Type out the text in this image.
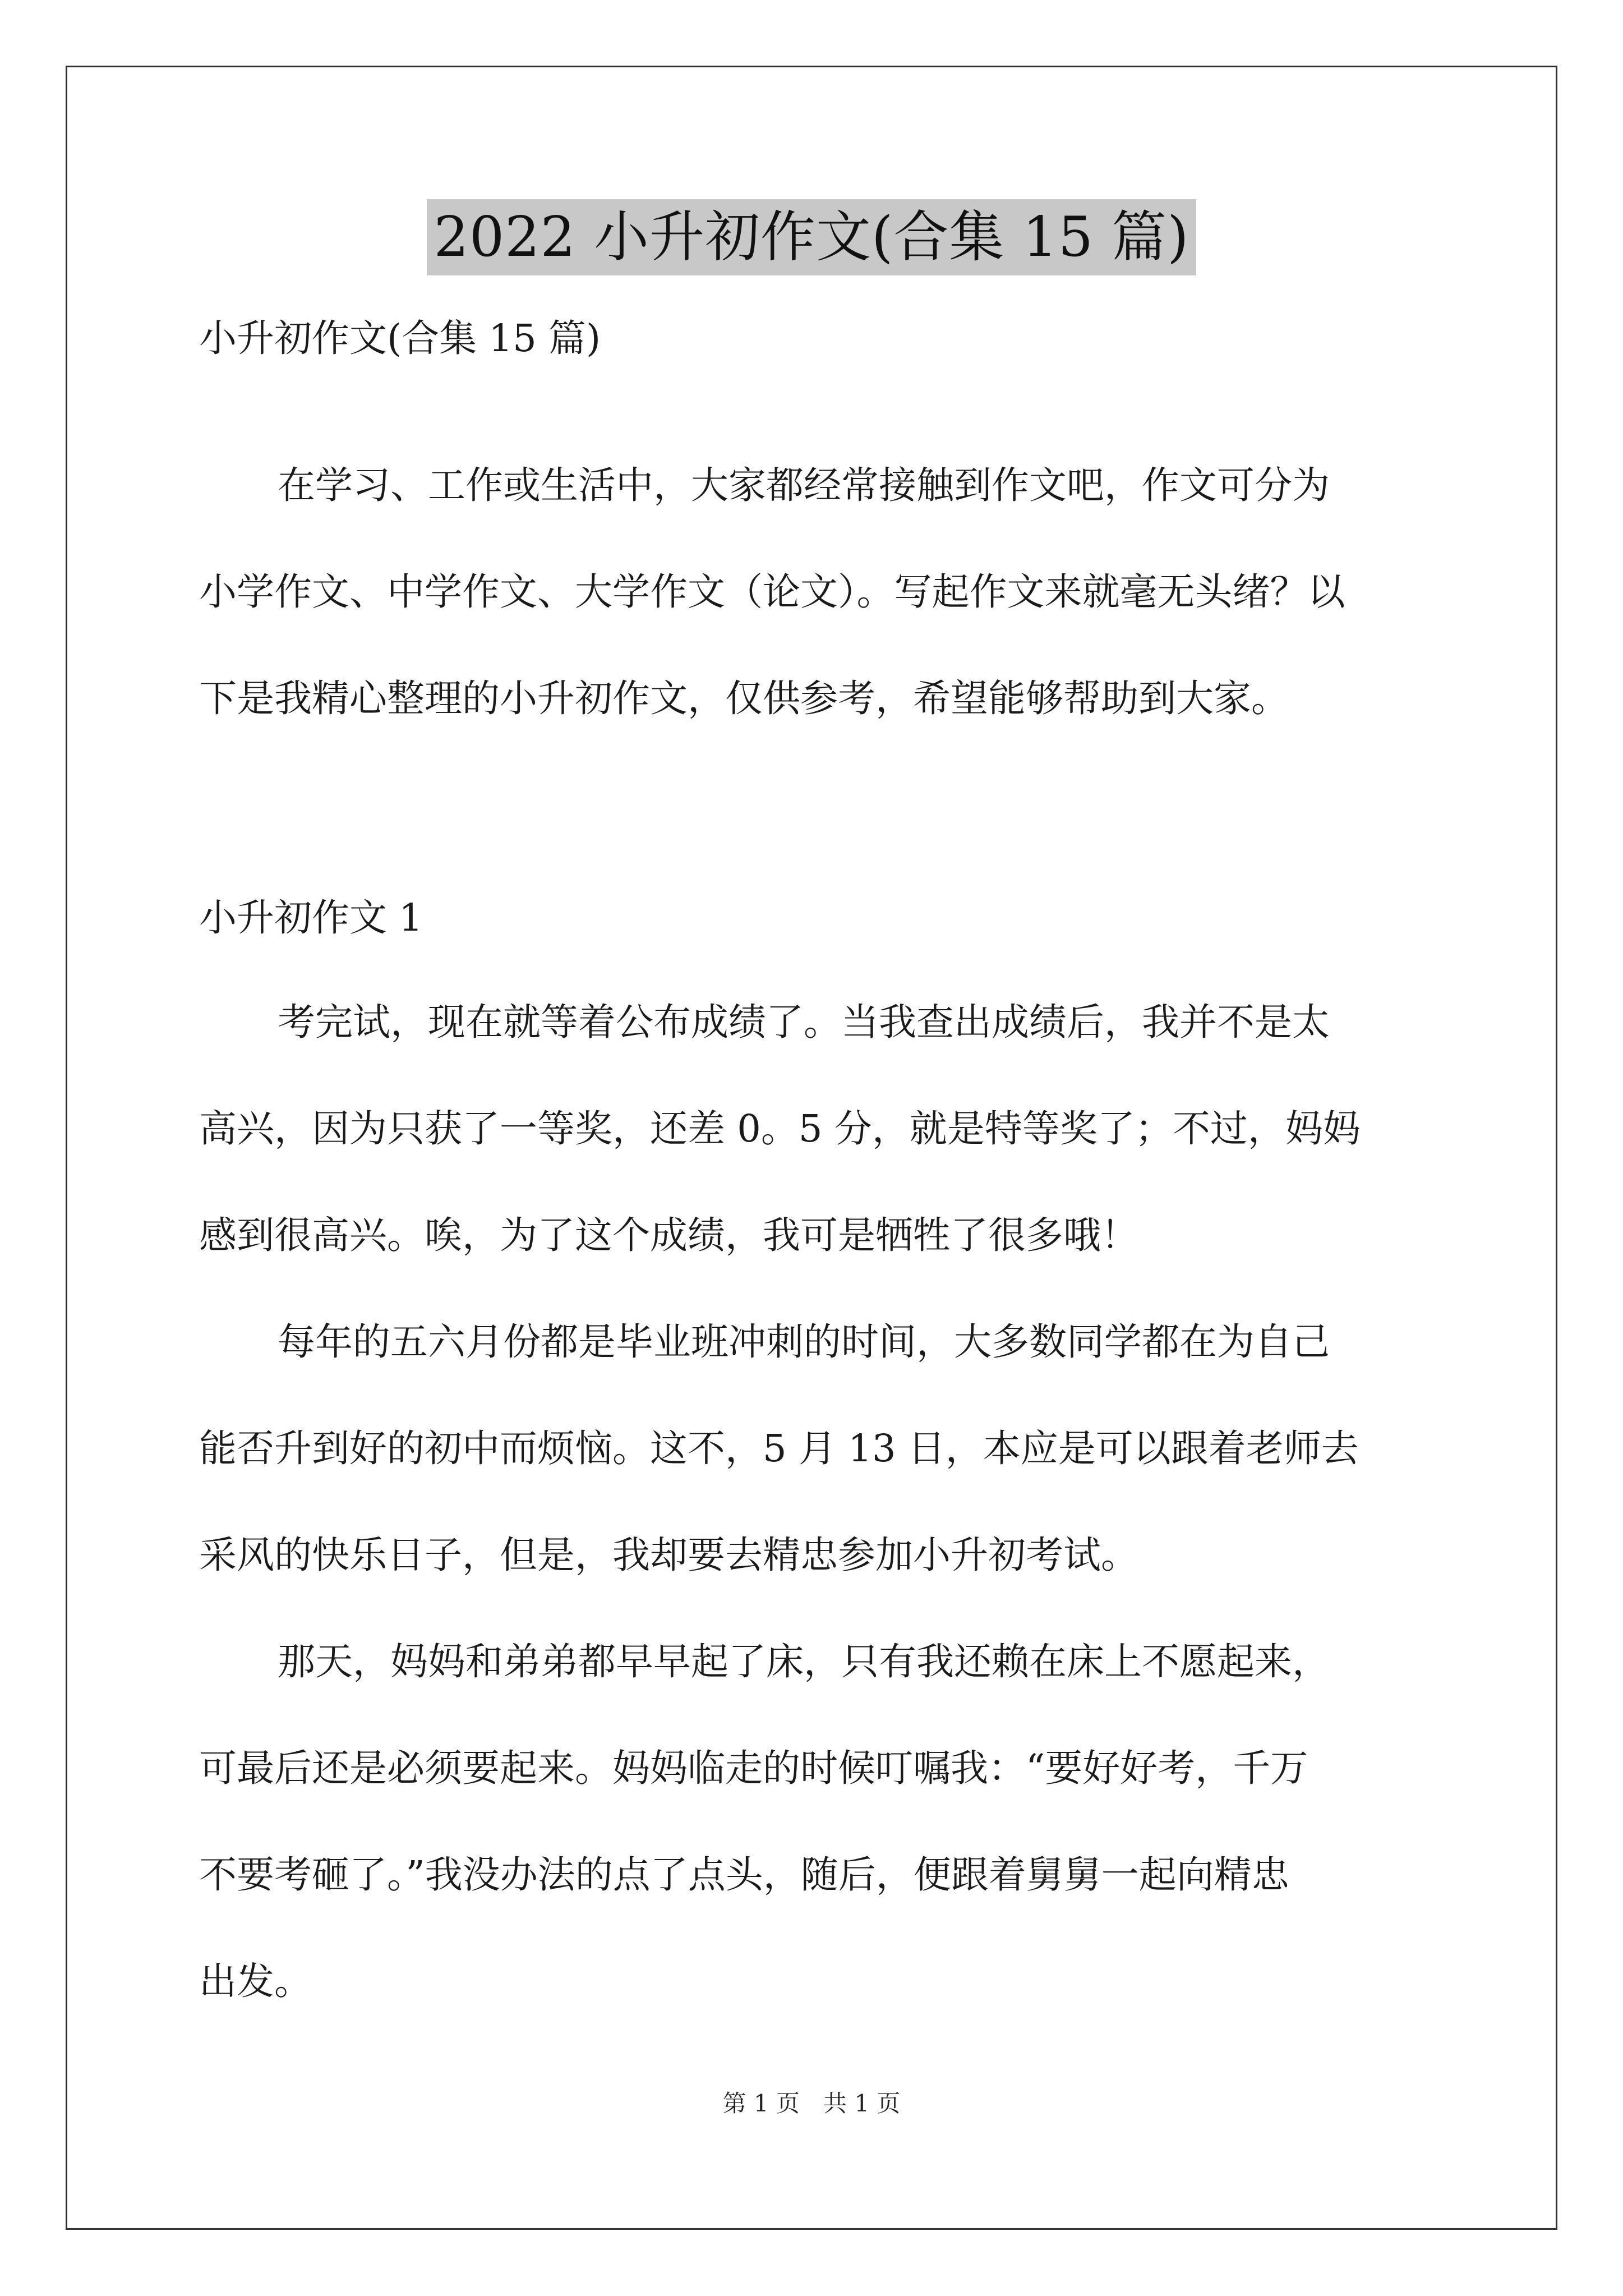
2022 小升初作文(合集 15 篇)

小升初作文(合集 15 篇)

在学习、工作或生活中，大家都经常接触到作文吧，作文可分为
小学作文、中学作文、大学作文（论文）。写起作文来就毫无头绪？以
下是我精心整理的小升初作文，仅供参考，希望能够帮助到大家。

小升初作文 1

考完试，现在就等着公布成绩了。当我查出成绩后，我并不是太
高兴，因为只获了一等奖，还差 0。5 分，就是特等奖了；不过，妈妈
感到很高兴。唉，为了这个成绩，我可是牺牲了很多哦！
每年的五六月份都是毕业班冲刺的时间，大多数同学都在为自己
能否升到好的初中而烦恼。这不，5 月 13 日，本应是可以跟着老师去
采风的快乐日子，但是，我却要去精忠参加小升初考试。
那天，妈妈和弟弟都早早起了床，只有我还赖在床上不愿起来，
可最后还是必须要起来。妈妈临走的时候叮嘱我：“要好好考，千万
不要考砸了。”我没办法的点了点头，随后，便跟着舅舅一起向精忠
出发。
第 1 页　共 1 页
